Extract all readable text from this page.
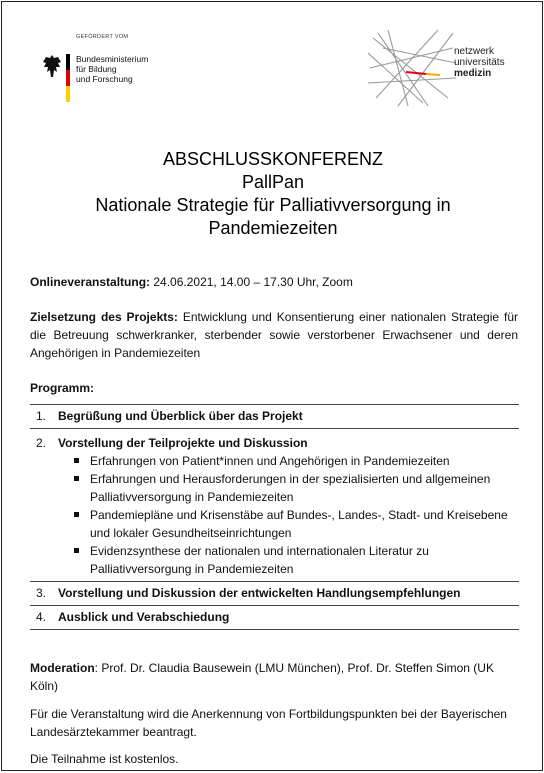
GEFÖRDERT VOM
Bundesministerium
für Bildung
und Forschung
netzwerk
universitäts
medizin
ABSCHLUSSKONFERENZ
PallPan
Nationale Strategie für Palliativversorgung in
Pandemiezeiten
Onlineveranstaltung: 24.06.2021, 14.00 – 17.30 Uhr, Zoom
Zielsetzung des Projekts: Entwicklung und Konsentierung einer nationalen Strategie für die Betreuung schwerkranker, sterbender sowie verstorbener Erwachsener und deren Angehörigen in Pandemiezeiten
Programm:
1. Begrüßung und Überblick über das Projekt
2. Vorstellung der Teilprojekte und Diskussion
Erfahrungen von Patient*innen und Angehörigen in Pandemiezeiten
Erfahrungen und Herausforderungen in der spezialisierten und allgemeinen Palliativversorgung in Pandemiezeiten
Pandemiepläne und Krisenstäbe auf Bundes-, Landes-, Stadt- und Kreisebene und lokaler Gesundheitseinrichtungen
Evidenzsynthese der nationalen und internationalen Literatur zu Palliativversorgung in Pandemiezeiten
3. Vorstellung und Diskussion der entwickelten Handlungsempfehlungen
4. Ausblick und Verabschiedung
Moderation: Prof. Dr. Claudia Bausewein (LMU München), Prof. Dr. Steffen Simon (UK Köln)
Für die Veranstaltung wird die Anerkennung von Fortbildungspunkten bei der Bayerischen Landesärztekammer beantragt.
Die Teilnahme ist kostenlos.
